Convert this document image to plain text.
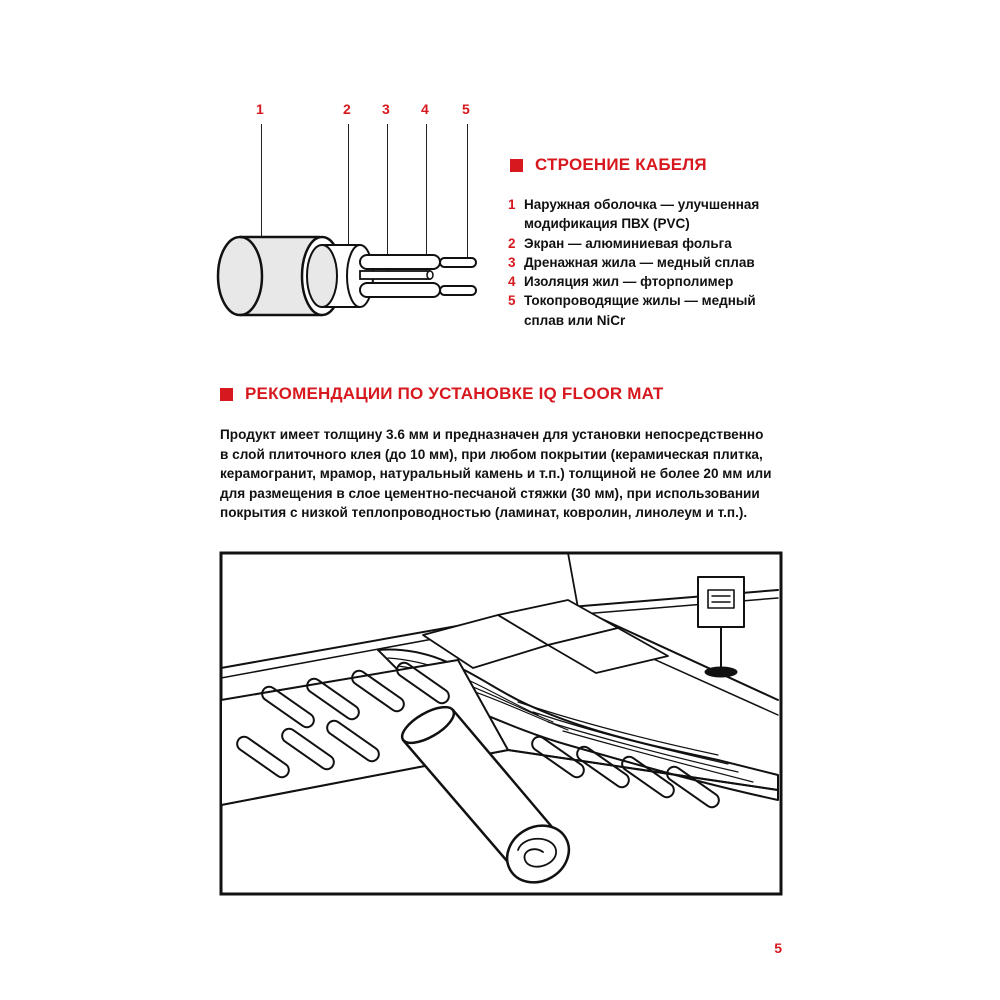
1	2 3 4 5
СТРОЕНИЕ КАБЕЛЯ
1 Наружная оболочка — улучшенная
модификация ПВХ (PVC)
2 Экран — алюминиевая фольга
3 Дренажная жила — медный сплав
4 Изоляция жил — фторполимер
5 Токопроводящие жилы — медный
сплав или NiCr
РЕКОМЕНДАЦИИ ПО УСТАНОВКЕ IQ FLOOR MAT
Продукт имеет толщину 3.6 мм и предназначен для установки непосредственно
в слой плиточного клея (до 10 мм), при любом покрытии (керамическая плитка,
керамогранит, мрамор, натуральный камень и т.п.) толщиной не более 20 мм или
для размещения в слое цементно-песчаной стяжки (30 мм), при использовании
покрытия с низкой теплопроводностью (ламинат, ковролин, линолеум и т.п.).
5
